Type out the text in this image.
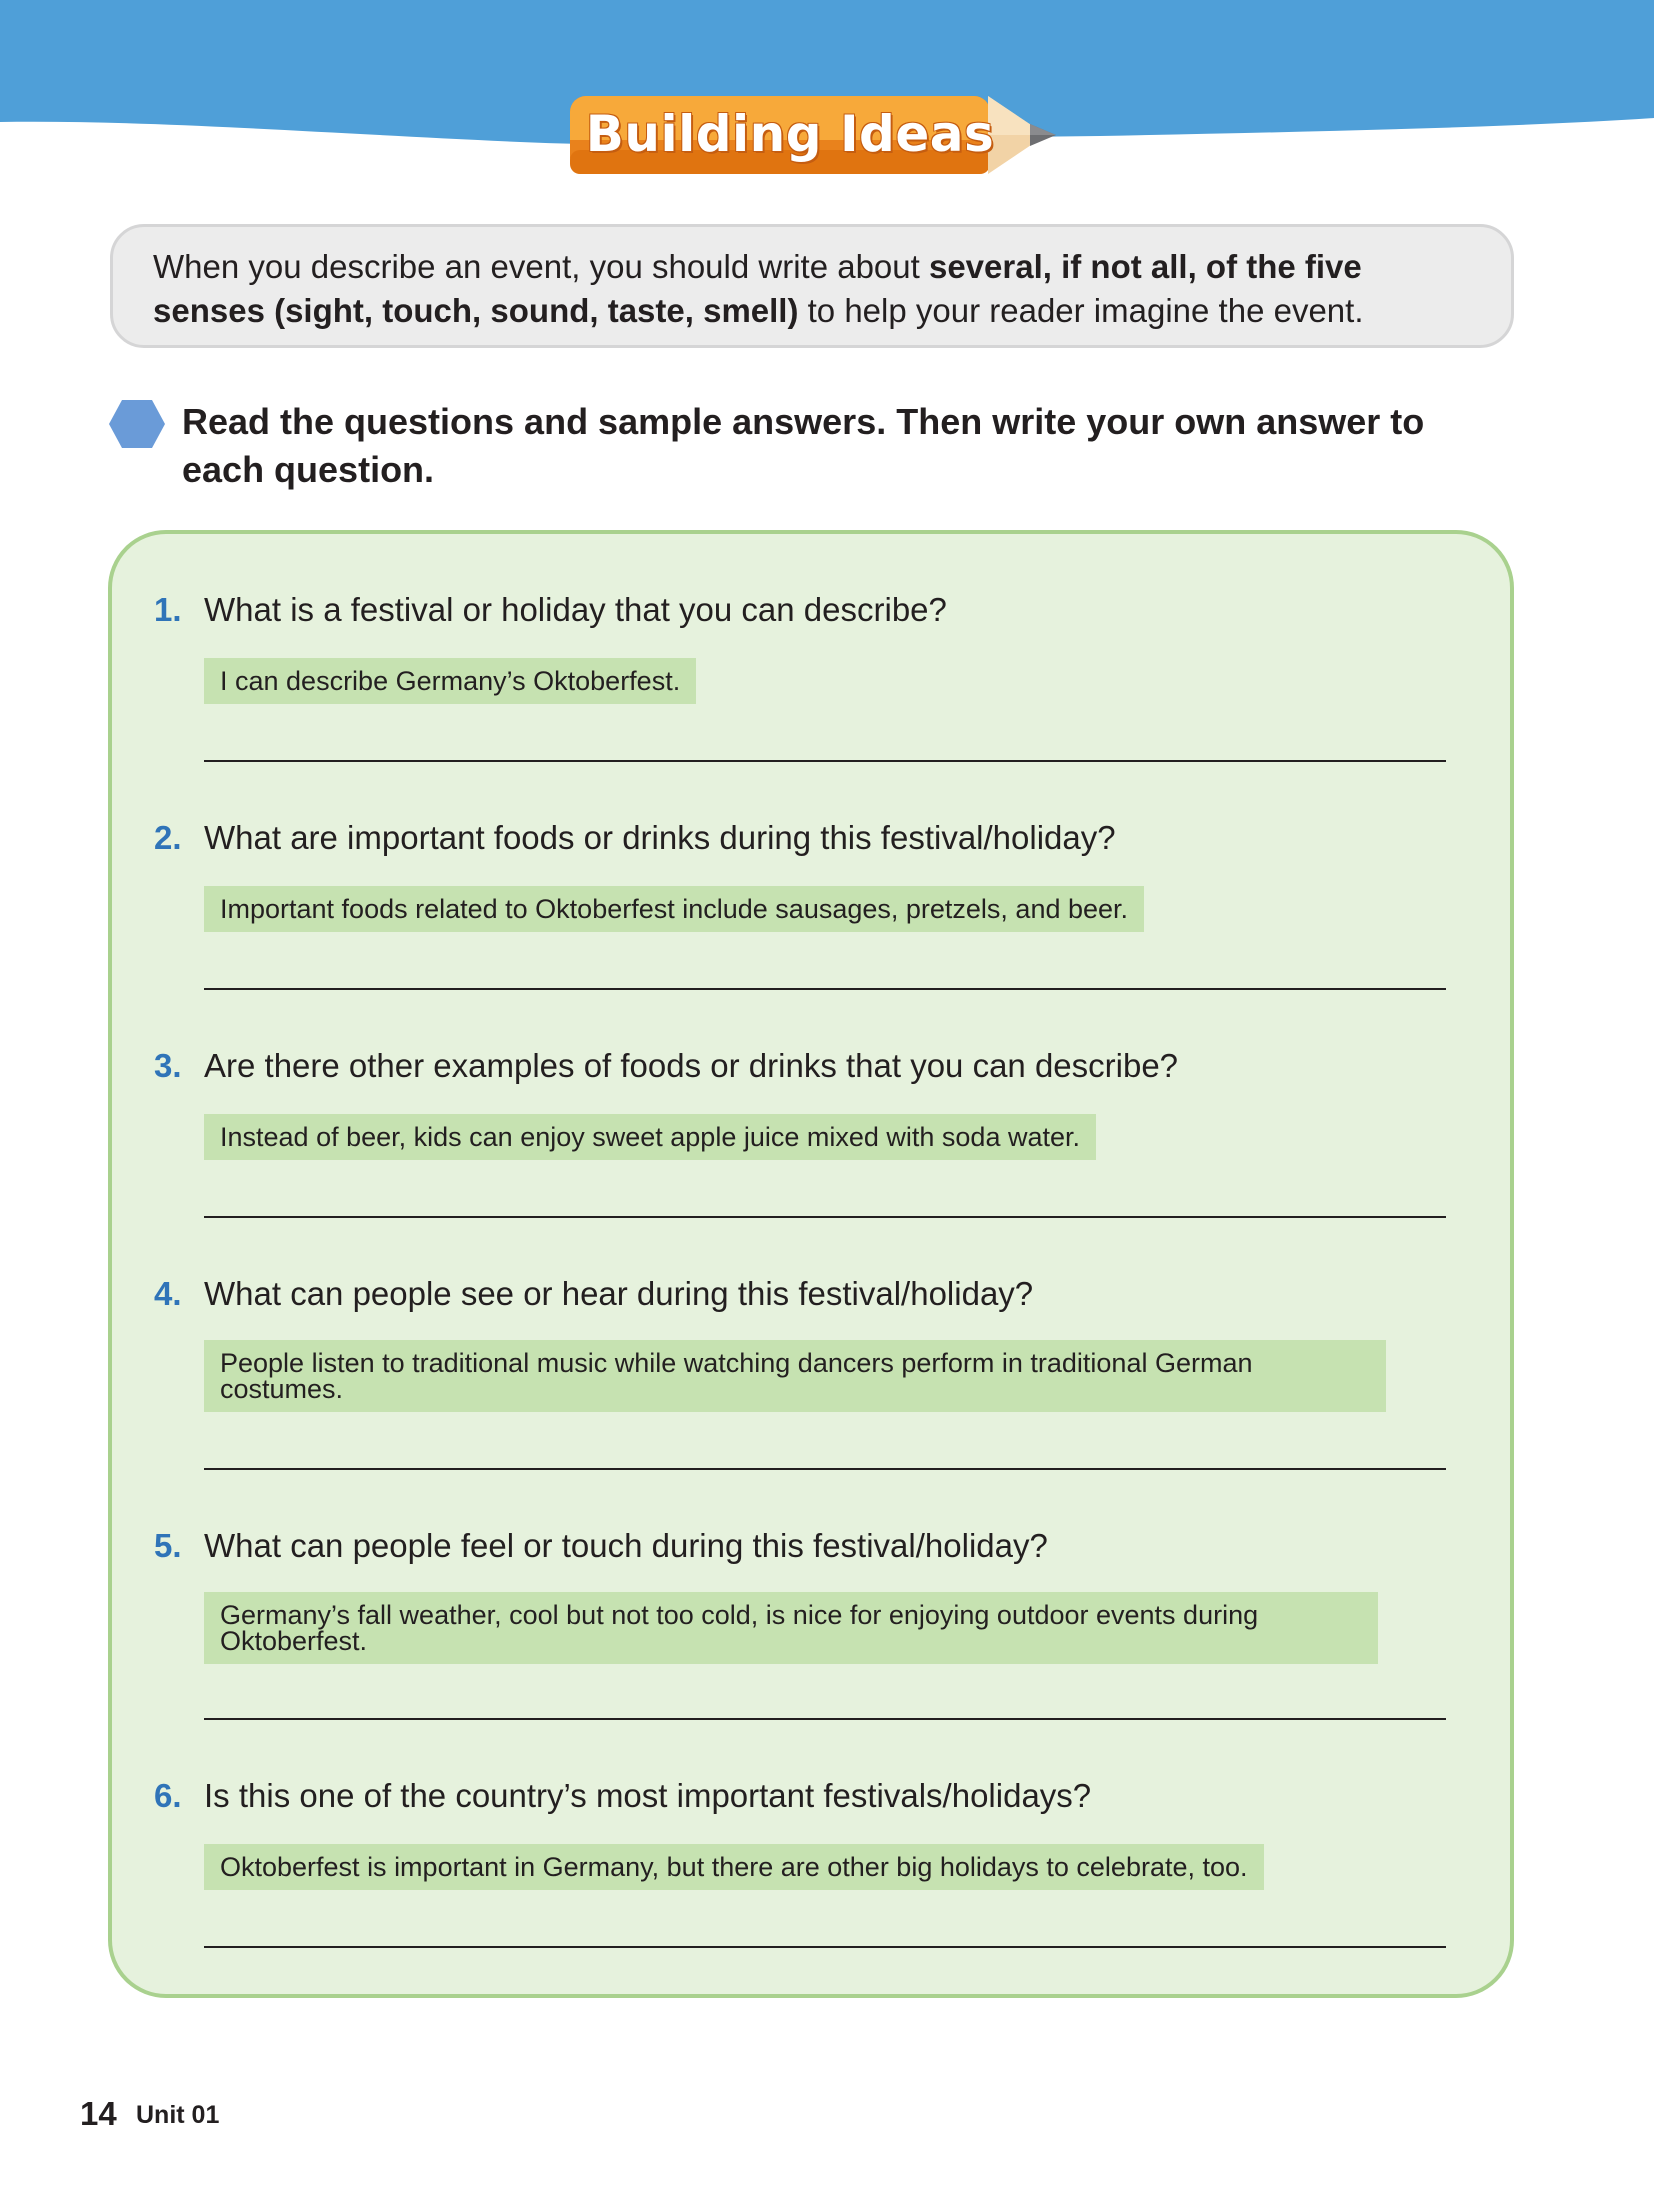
Building Ideas
When you describe an event, you should write about several, if not all, of the five senses (sight, touch, sound, taste, smell) to help your reader imagine the event.
Read the questions and sample answers. Then write your own answer to each question.
1. What is a festival or holiday that you can describe?
I can describe Germany’s Oktoberfest.
2. What are important foods or drinks during this festival/holiday?
Important foods related to Oktoberfest include sausages, pretzels, and beer.
3. Are there other examples of foods or drinks that you can describe?
Instead of beer, kids can enjoy sweet apple juice mixed with soda water.
4. What can people see or hear during this festival/holiday?
People listen to traditional music while watching dancers perform in traditional German costumes.
5. What can people feel or touch during this festival/holiday?
Germany’s fall weather, cool but not too cold, is nice for enjoying outdoor events during Oktoberfest.
6. Is this one of the country’s most important festivals/holidays?
Oktoberfest is important in Germany, but there are other big holidays to celebrate, too.
14 Unit 01
